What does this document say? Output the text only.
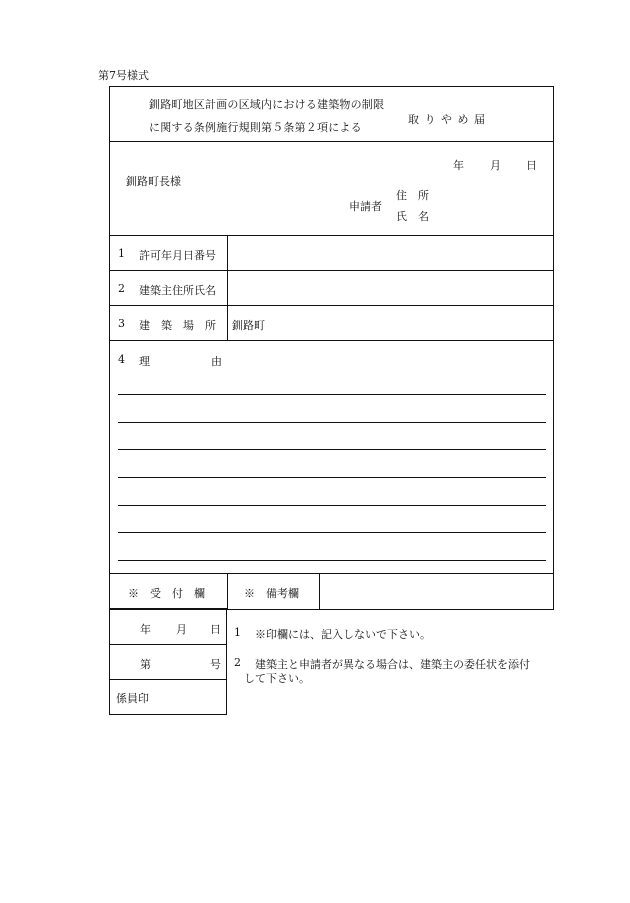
第7号様式
釧路町地区計画の区域内における建築物の制限
に関する条例施行規則第５条第２項による
取 り や め 届
年 月 日
釧路町長様
申請者
住　所
氏　名
1 許可年月日番号
2 建築主住所氏名
3 建　築　場　所 釧路町
4 理	由
※　受　付　欄	※　備考欄
年 月 日
第	号
係員印
1 ※印欄には、記入しないで下さい。
2 建築主と申請者が異なる場合は、建築主の委任状を添付
して下さい。
